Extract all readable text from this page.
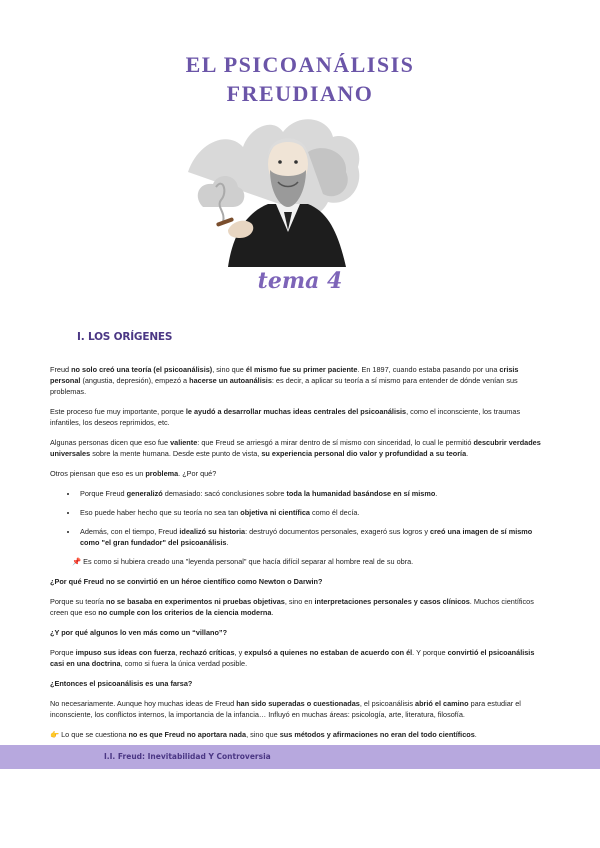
EL PSICOANÁLISIS
FREUDIANO
tema 4
I. LOS ORÍGENES

Freud no solo creó una teoría (el psicoanálisis), sino que él mismo fue su primer paciente. En 1897, cuando estaba pasando por una crisis personal (angustia, depresión), empezó a hacerse un autoanálisis: es decir, a aplicar su teoría a sí mismo para entender de dónde venían sus problemas.

Este proceso fue muy importante, porque le ayudó a desarrollar muchas ideas centrales del psicoanálisis, como el inconsciente, los traumas infantiles, los deseos reprimidos, etc.

Algunas personas dicen que eso fue valiente: que Freud se arriesgó a mirar dentro de sí mismo con sinceridad, lo cual le permitió descubrir verdades universales sobre la mente humana. Desde este punto de vista, su experiencia personal dio valor y profundidad a su teoría.

Otros piensan que eso es un problema. ¿Por qué?

• Porque Freud generalizó demasiado: sacó conclusiones sobre toda la humanidad basándose en sí mismo.
• Eso puede haber hecho que su teoría no sea tan objetiva ni científica como él decía.
• Además, con el tiempo, Freud idealizó su historia: destruyó documentos personales, exageró sus logros y creó una imagen de sí mismo como "el gran fundador" del psicoanálisis.

📌 Es como si hubiera creado una "leyenda personal" que hacía difícil separar al hombre real de su obra.

¿Por qué Freud no se convirtió en un héroe científico como Newton o Darwin?

Porque su teoría no se basaba en experimentos ni pruebas objetivas, sino en interpretaciones personales y casos clínicos. Muchos científicos creen que eso no cumple con los criterios de la ciencia moderna.

¿Y por qué algunos lo ven más como un “villano”?

Porque impuso sus ideas con fuerza, rechazó críticas, y expulsó a quienes no estaban de acuerdo con él. Y porque convirtió el psicoanálisis casi en una doctrina, como si fuera la única verdad posible.

¿Entonces el psicoanálisis es una farsa?

No necesariamente. Aunque hoy muchas ideas de Freud han sido superadas o cuestionadas, el psicoanálisis abrió el camino para estudiar el inconsciente, los conflictos internos, la importancia de la infancia… Influyó en muchas áreas: psicología, arte, literatura, filosofía.

👉 Lo que se cuestiona no es que Freud no aportara nada, sino que sus métodos y afirmaciones no eran del todo científicos.

I.I. Freud: Inevitabilidad Y Controversia
